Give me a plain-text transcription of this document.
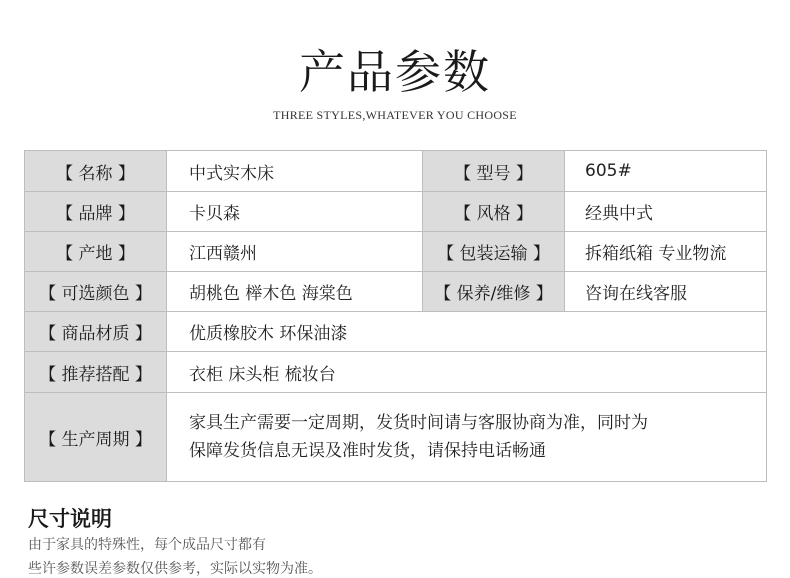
产品参数
THREE STYLES,WHATEVER YOU CHOOSE
【 名称 】	中式实木床	【 型号 】	605#
【 品牌 】	卡贝森	【 风格 】	经典中式
【 产地 】	江西赣州	【 包装运输 】	拆箱纸箱 专业物流
【 可选颜色 】	胡桃色 榉木色 海棠色	【 保养/维修 】	咨询在线客服
【 商品材质 】	优质橡胶木 环保油漆		
【 推荐搭配 】	衣柜 床头柜 梳妆台		
【 生产周期 】	家具生产需要一定周期，发货时间请与客服协商为准，同时为
保障发货信息无误及准时发货，请保持电话畅通		
尺寸说明
由于家具的特殊性，每个成品尺寸都有
些许参数误差参数仅供参考，实际以实物为准。
